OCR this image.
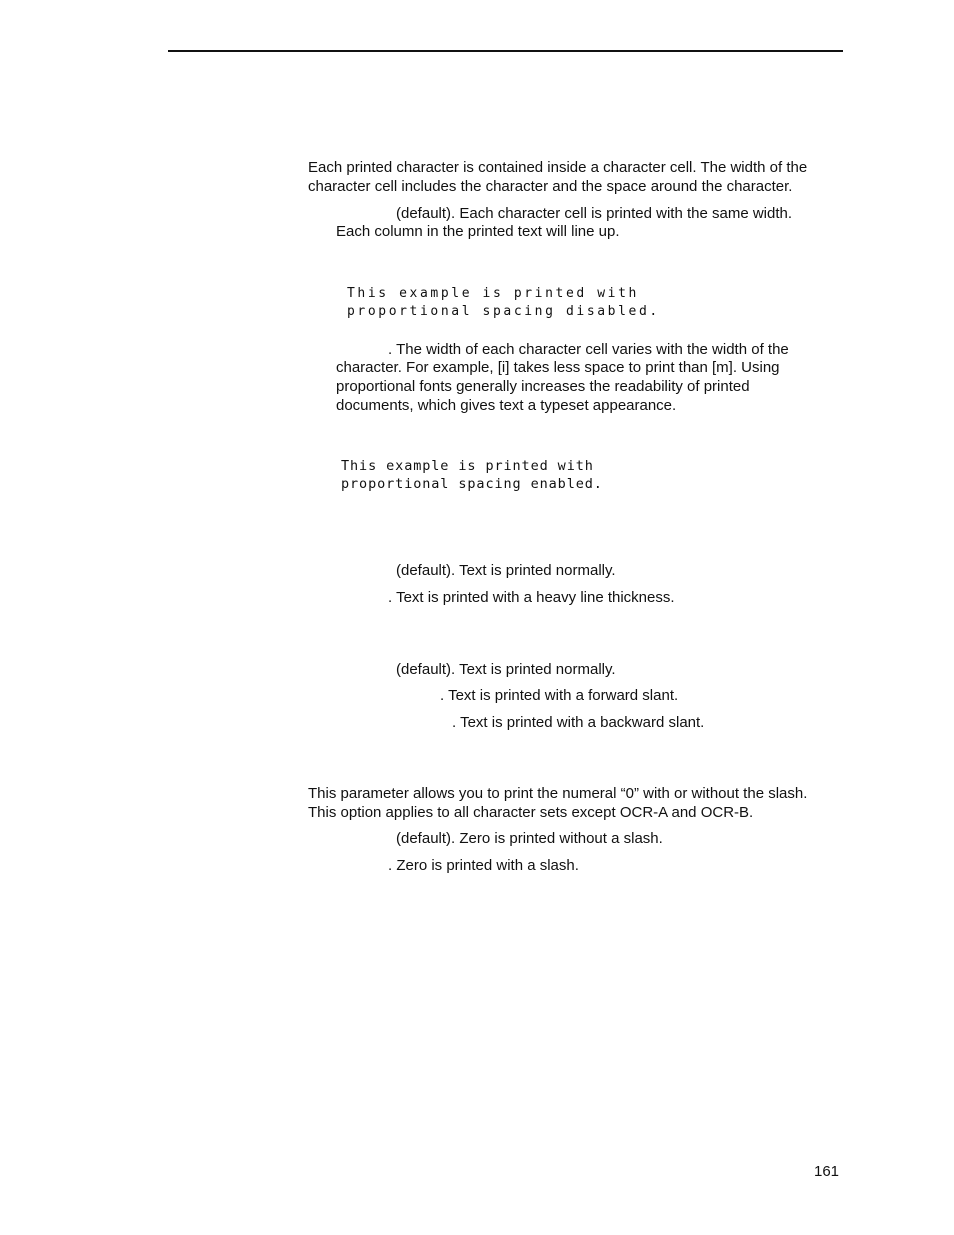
Each printed character is contained inside a character cell. The width of the

character cell includes the character and the space around the character.

(default). Each character cell is printed with the same width.

Each column in the printed text will line up.

This example is printed with
proportional spacing disabled.

. The width of each character cell varies with the width of the

character. For example, [i] takes less space to print than [m]. Using

proportional fonts generally increases the readability of printed

documents, which gives text a typeset appearance.

This example is printed with
proportional spacing enabled.

(default). Text is printed normally.

. Text is printed with a heavy line thickness.

(default). Text is printed normally.

. Text is printed with a forward slant.

. Text is printed with a backward slant.

This parameter allows you to print the numeral “0” with or without the slash.

This option applies to all character sets except OCR-A and OCR-B.

(default). Zero is printed without a slash.

. Zero is printed with a slash.

161
